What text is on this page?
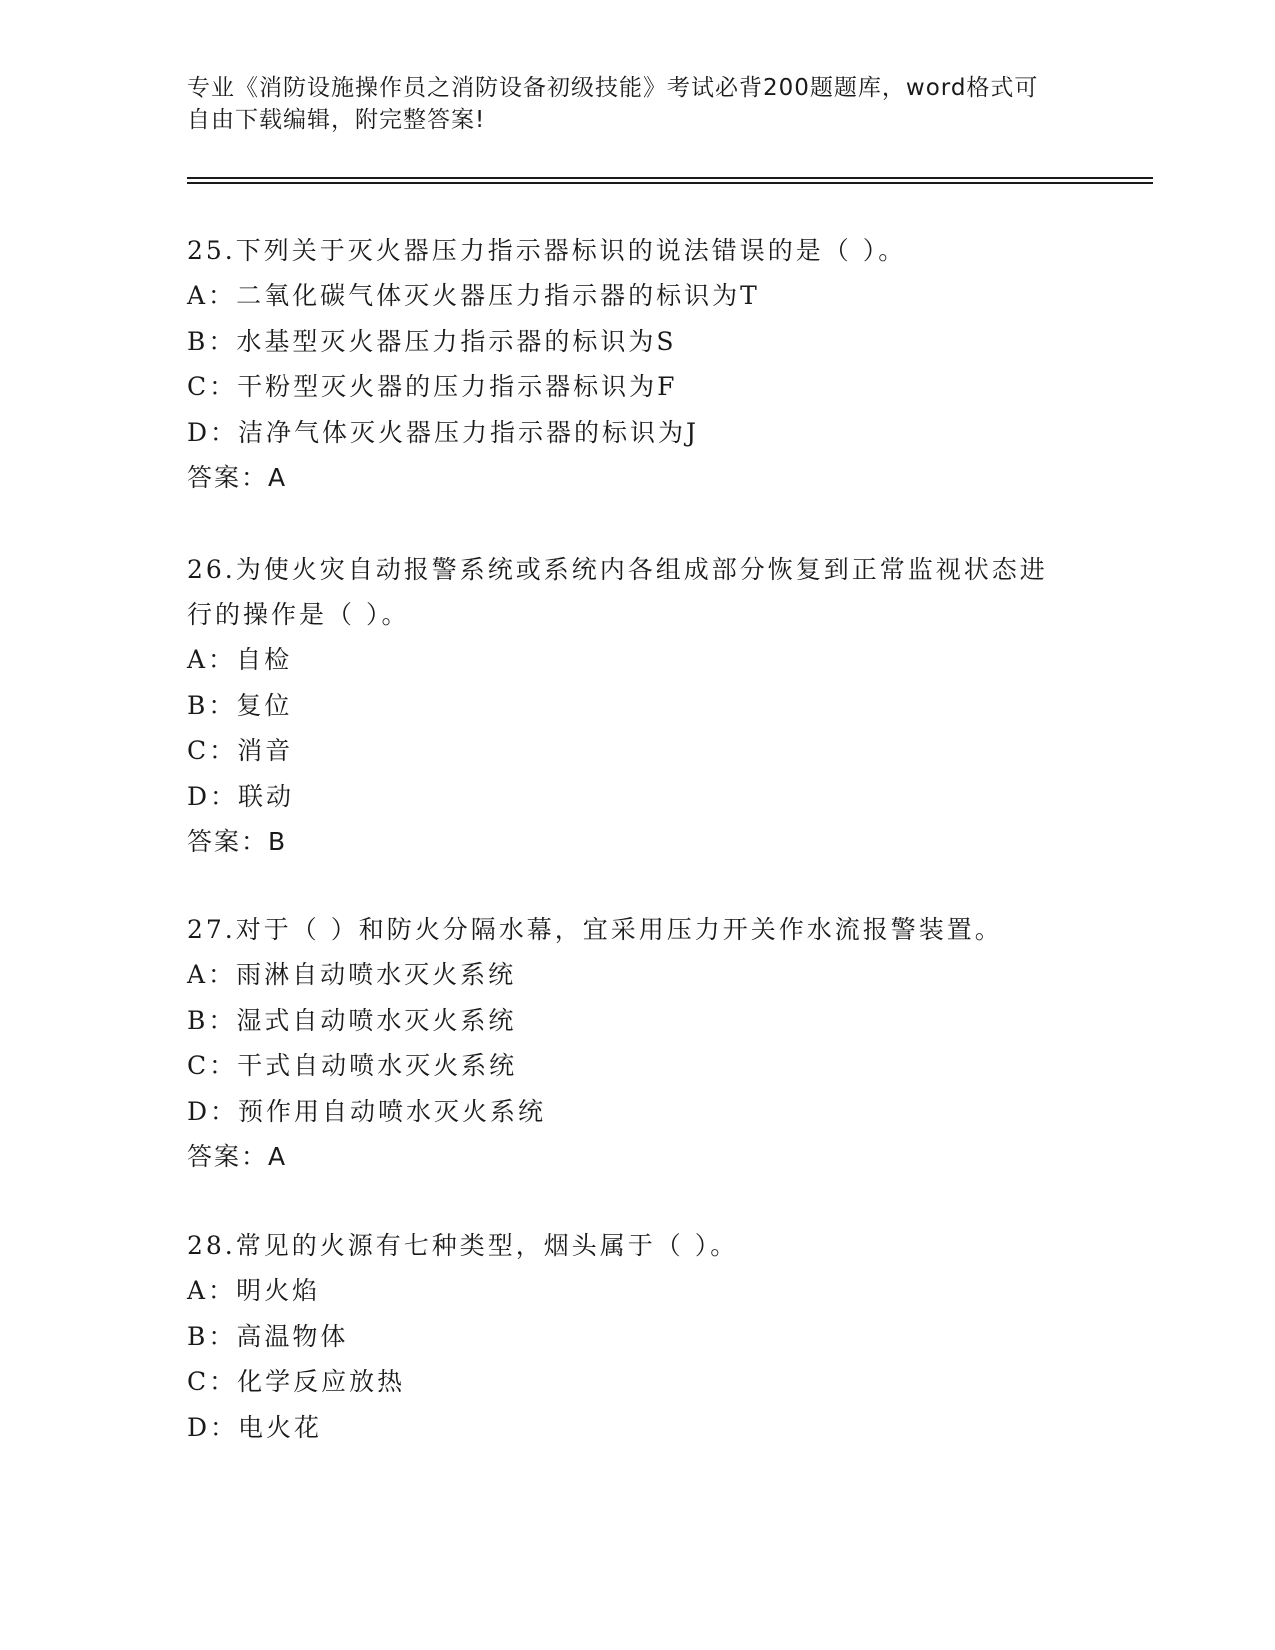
专业《消防设施操作员之消防设备初级技能》考试必背200题题库，word格式可
自由下载编辑，附完整答案!
25.下列关于灭火器压力指示器标识的说法错误的是（ ）。
A：二氧化碳气体灭火器压力指示器的标识为T
B：水基型灭火器压力指示器的标识为S
C：干粉型灭火器的压力指示器标识为F
D：洁净气体灭火器压力指示器的标识为J
答案：A
26.为使火灾自动报警系统或系统内各组成部分恢复到正常监视状态进行的操作是（ ）。
A：自检
B：复位
C：消音
D：联动
答案：B
27.对于（ ）和防火分隔水幕，宜采用压力开关作水流报警装置。
A：雨淋自动喷水灭火系统
B：湿式自动喷水灭火系统
C：干式自动喷水灭火系统
D：预作用自动喷水灭火系统
答案：A
28.常见的火源有七种类型，烟头属于（ ）。
A：明火焰
B：高温物体
C：化学反应放热
D：电火花
